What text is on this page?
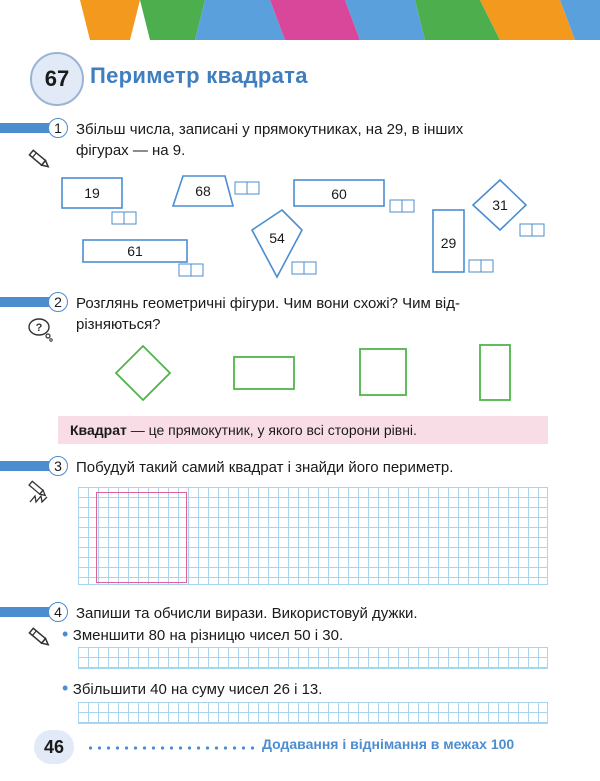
67 Периметр квадрата
1 Збільш числа, записані у прямокутниках, на 29, в інших
фігурах — на 9.
19	68	60
31
54	29
61
2
?
Розглянь геометричні фігури. Чим вони схожі? Чим від-
різняються?
Квадрат — це прямокутник, у якого всі сторони рівні.
3 Побудуй такий самий квадрат і знайди його периметр.
4 Запиши та обчисли вирази. Використовуй дужки.
• Зменшити 80 на різницю чисел 50 і 30.
• Збільшити 40 на суму чисел 26 і 13.
46	Додавання і віднімання в межах 100
